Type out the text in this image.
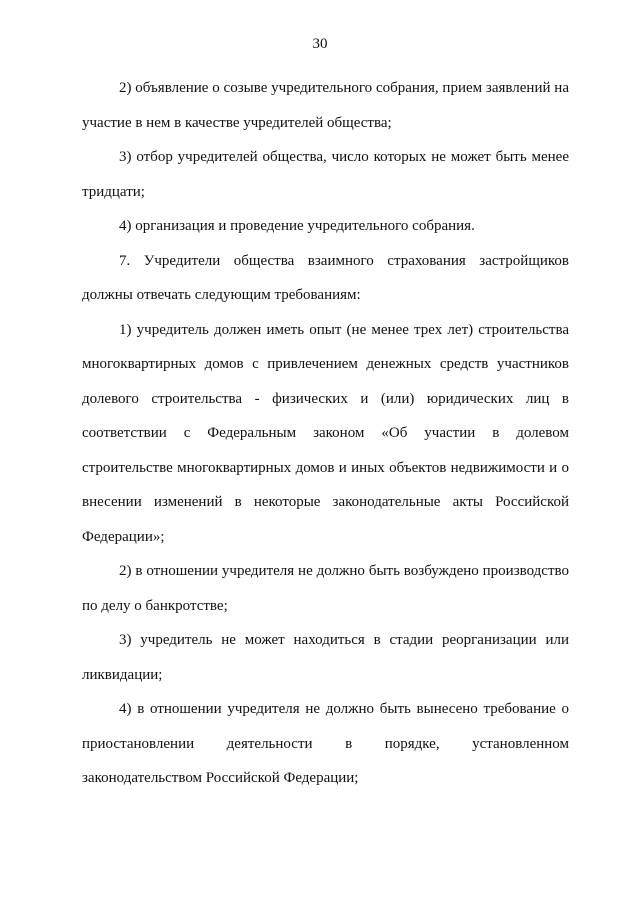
30

2) объявление о созыве учредительного собрания, прием заявлений на участие в нем в качестве учредителей общества;

3) отбор учредителей общества, число которых не может быть менее тридцати;

4) организация и проведение учредительного собрания.

7. Учредители общества взаимного страхования застройщиков должны отвечать следующим требованиям:

1) учредитель должен иметь опыт (не менее трех лет) строительства многоквартирных домов с привлечением денежных средств участников долевого строительства - физических и (или) юридических лиц в соответствии с Федеральным законом «Об участии в долевом строительстве многоквартирных домов и иных объектов недвижимости и о внесении изменений в некоторые законодательные акты Российской Федерации»;

2) в отношении учредителя не должно быть возбуждено производство по делу о банкротстве;

3) учредитель не может находиться в стадии реорганизации или ликвидации;

4) в отношении учредителя не должно быть вынесено требование о приостановлении деятельности в порядке, установленном законодательством Российской Федерации;
